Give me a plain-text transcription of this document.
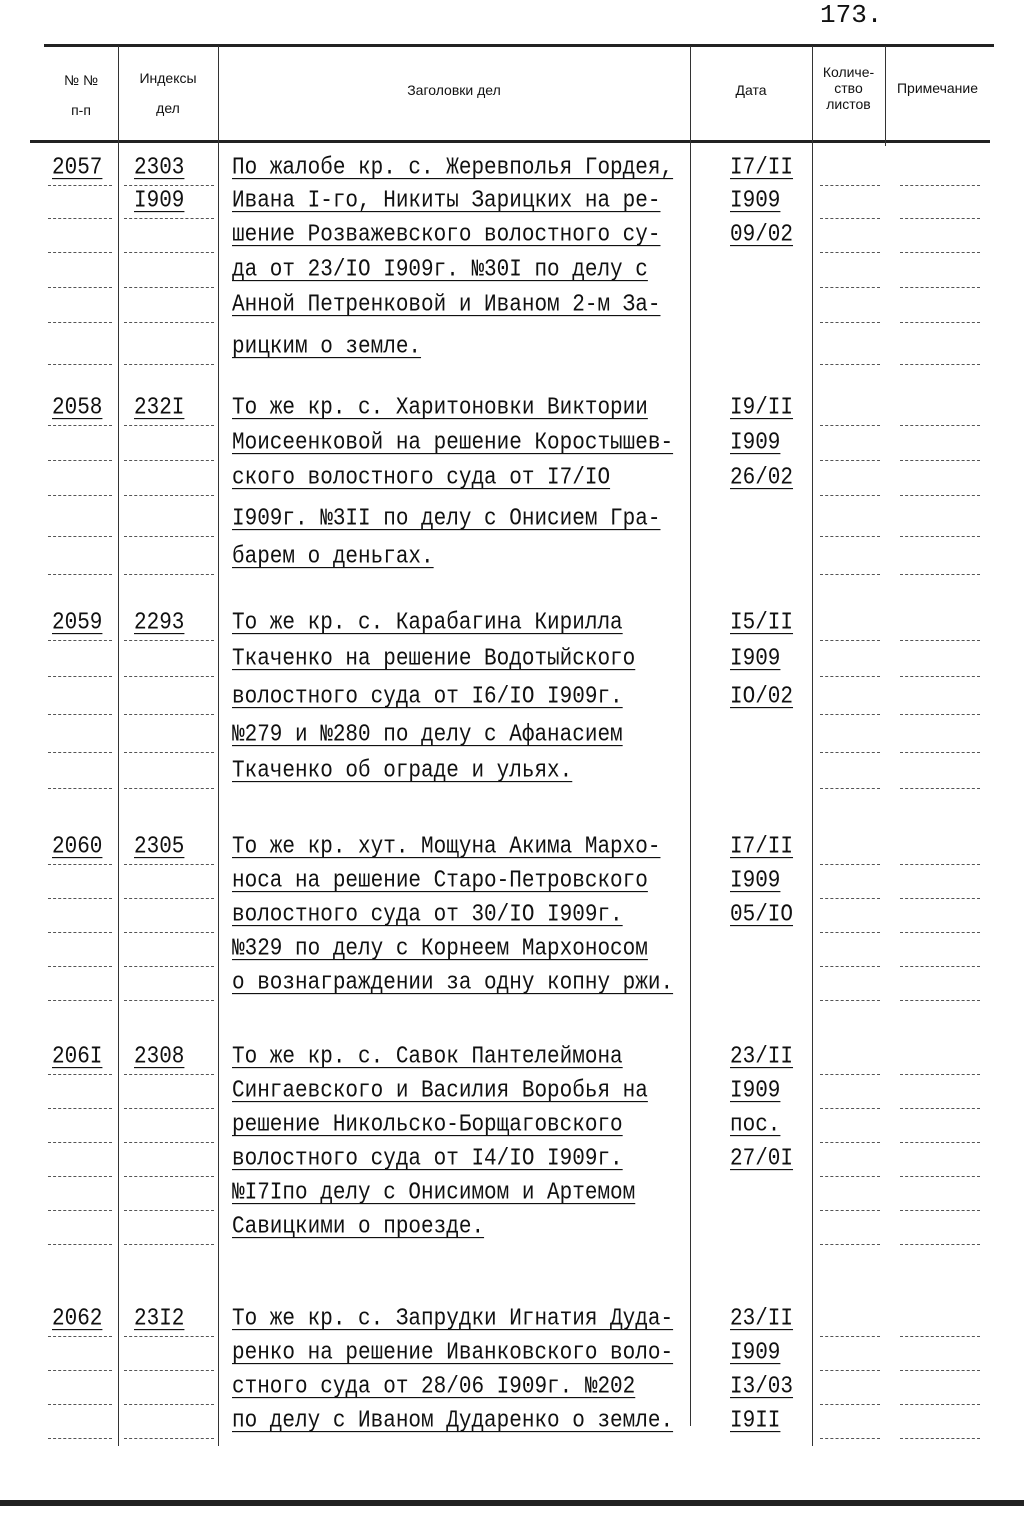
173.
№ №
п-п
Индексы
дел
Заголовки дел	Дата
Количе-
ство
листов
Примечание
2057 2303
I909
По жалобе кр. с. Жеревполья Гордея,
Ивана I-го, Никиты Зарицких на ре-
шение Розважевского волостного су-
да от 23/IO I909г. №30I по делу с
Анной Петренковой и Иваном 2-м За-
рицким о земле.
I7/II
I909
09/02
2058 232I То же кр. с. Харитоновки Виктории
Моисеенковой на решение Коростышев-
ского волостного суда от I7/IO
I909г. №3II по делу с Онисием Гра-
барем о деньгах.
I9/II
I909
26/02
2059 2293 То же кр. с. Карабагина Кирилла
Ткаченко на решение Водотыйского
волостного суда от I6/IO I909г.
№279 и №280 по делу с Афанасием
Ткаченко об ограде и ульях.
I5/II
I909
IO/02
2060 2305 То же кр. хут. Мощуна Акима Мархо-
носа на решение Старо-Петровского
волостного суда от 30/IO I909г.
№329 по делу с Корнеем Мархоносом
о вознаграждении за одну копну ржи.
I7/II
I909
05/IO
206I 2308 То же кр. с. Савок Пантелеймона
Сингаевского и Василия Воробья на
решение Никольско-Борщаговского
волостного суда от I4/IO I909г.
№I7Iпо делу с Онисимом и Артемом
Савицкими о проезде.
23/II
I909
пос.
27/0I
2062 23I2 То же кр. с. Запрудки Игнатия Дуда-
ренко на решение Иванковского воло-
стного суда от 28/06 I909г. №202
по делу с Иваном Дударенко о земле.
23/II
I909
I3/03
I9II
